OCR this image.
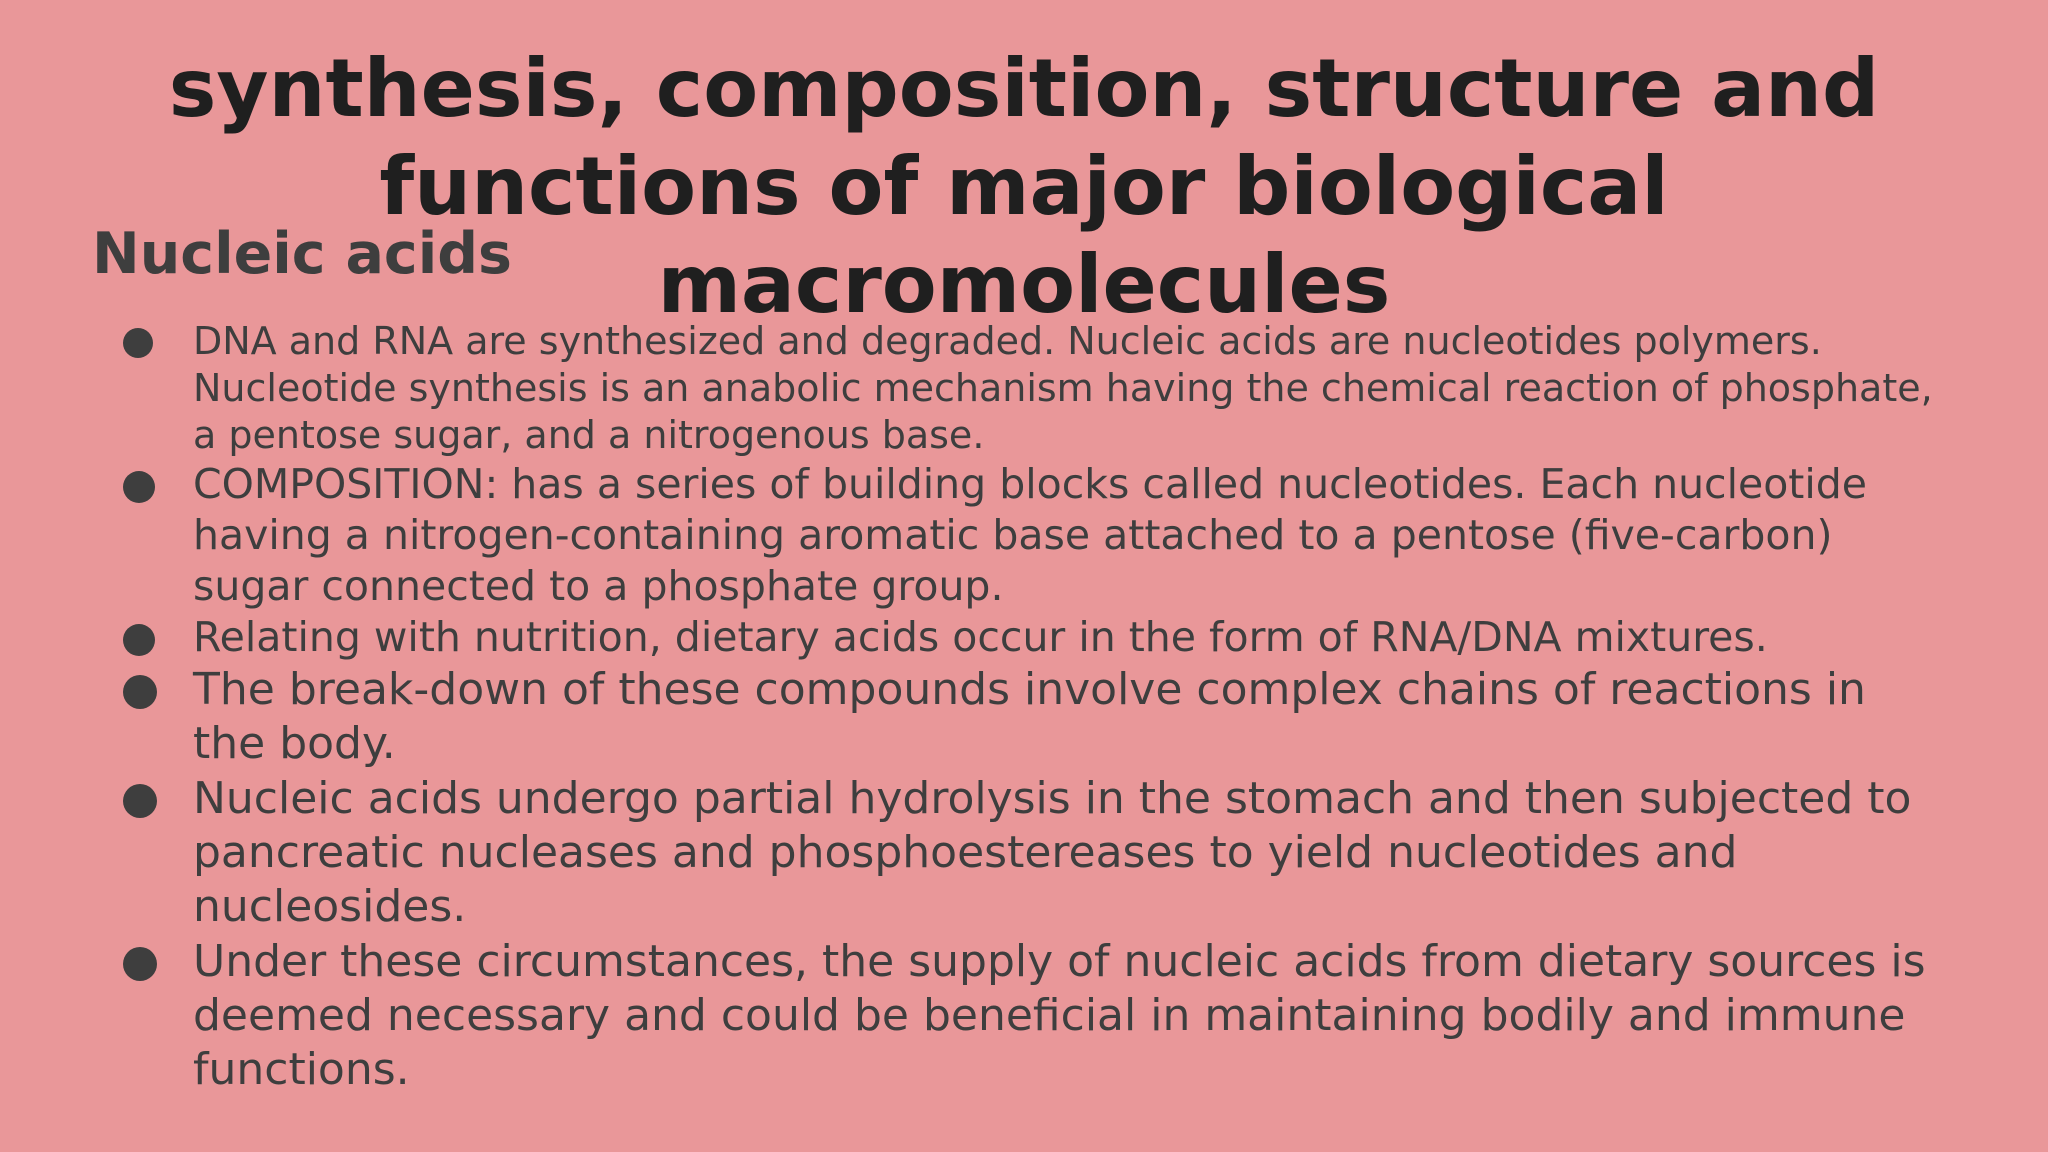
synthesis, composition, structure and functions of major biological macromolecules
Nucleic acids
DNA and RNA are synthesized and degraded. Nucleic acids are nucleotides polymers. Nucleotide synthesis is an anabolic mechanism having the chemical reaction of phosphate, a pentose sugar, and a nitrogenous base.
COMPOSITION: has a series of building blocks called nucleotides. Each nucleotide having a nitrogen-containing aromatic base attached to a pentose (five-carbon) sugar connected to a phosphate group.
Relating with nutrition, dietary acids occur in the form of RNA/DNA mixtures.
The break-down of these compounds involve complex chains of reactions in the body.
Nucleic acids undergo partial hydrolysis in the stomach and then subjected to pancreatic nucleases and phosphoestereases to yield nucleotides and nucleosides.
Under these circumstances, the supply of nucleic acids from dietary sources is deemed necessary and could be beneficial in maintaining bodily and immune functions.
